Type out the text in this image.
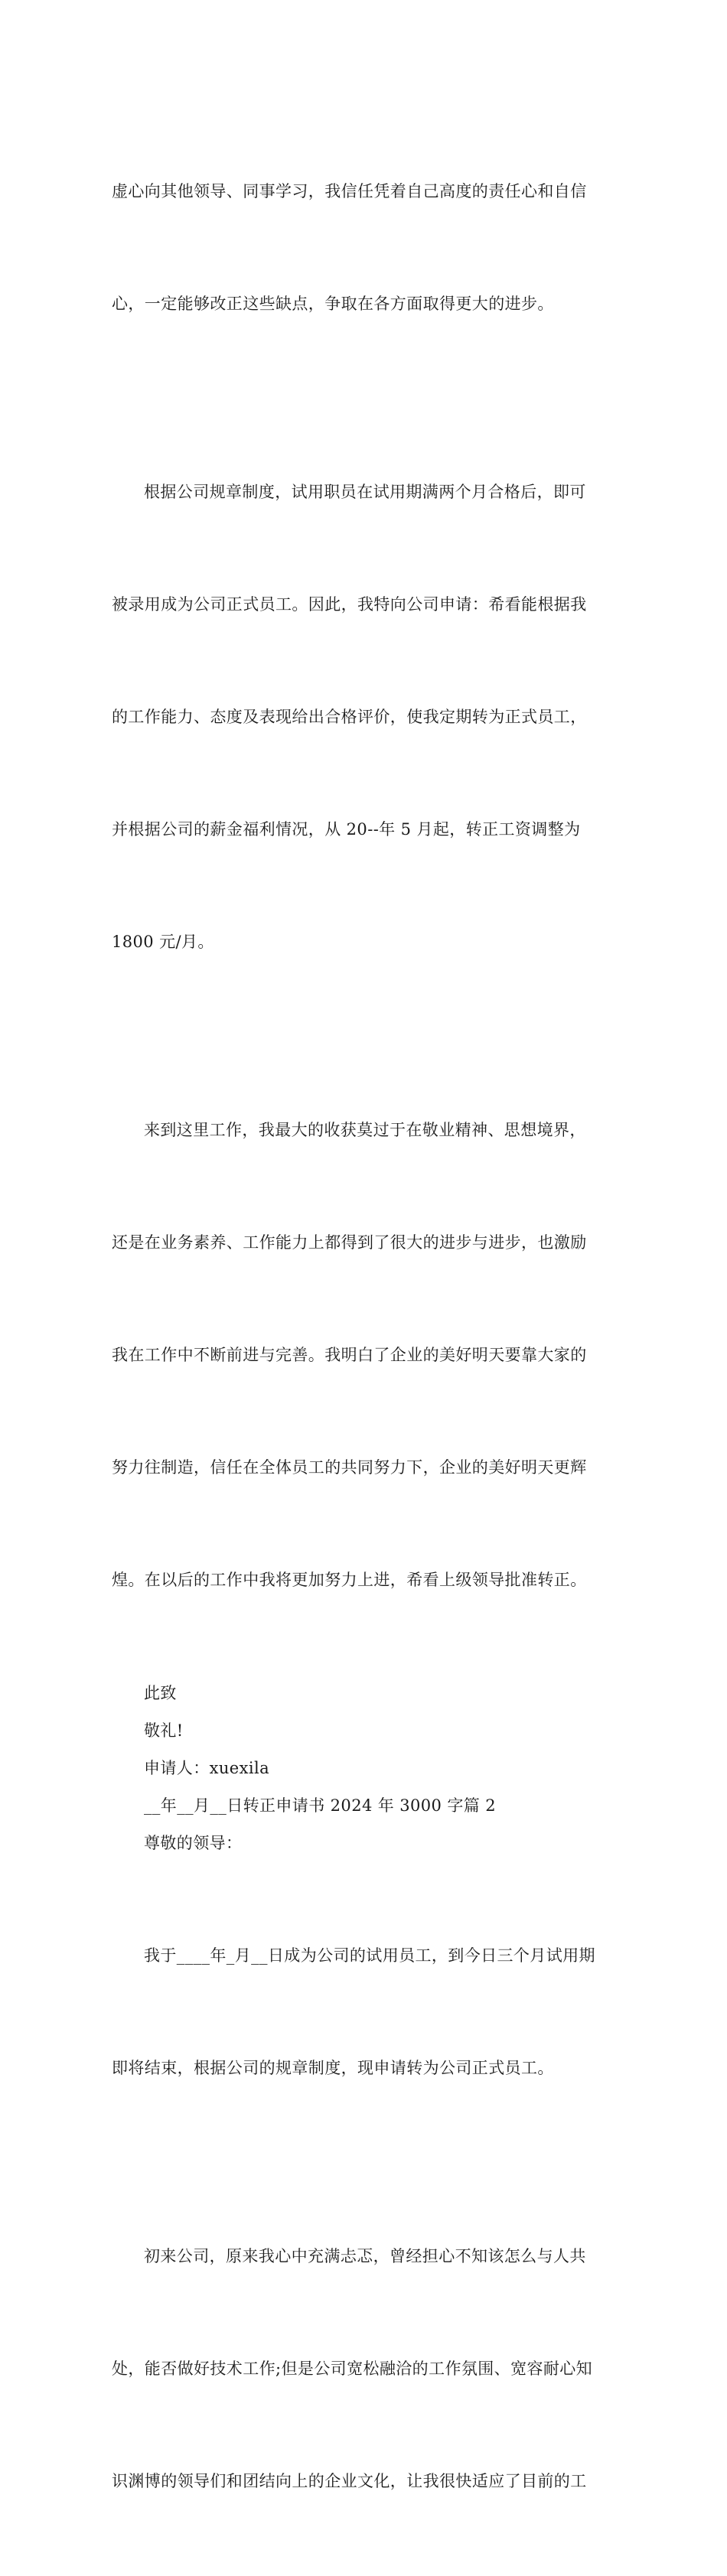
虚心向其他领导、同事学习，我信任凭着自己高度的责任心和自信

心，一定能够改正这些缺点，争取在各方面取得更大的进步。

根据公司规章制度，试用职员在试用期满两个月合格后，即可

被录用成为公司正式员工。因此，我特向公司申请：希看能根据我

的工作能力、态度及表现给出合格评价，使我定期转为正式员工，

并根据公司的薪金福利情况，从 20--年 5 月起，转正工资调整为

1800 元/月。

来到这里工作，我最大的收获莫过于在敬业精神、思想境界，

还是在业务素养、工作能力上都得到了很大的进步与进步，也激励

我在工作中不断前进与完善。我明白了企业的美好明天要靠大家的

努力往制造，信任在全体员工的共同努力下，企业的美好明天更辉

煌。在以后的工作中我将更加努力上进，希看上级领导批准转正。

此致
敬礼!
申请人：xuexila
__年__月__日转正申请书 2024 年 3000 字篇 2
尊敬的领导：

我于____年_月__日成为公司的试用员工，到今日三个月试用期

即将结束，根据公司的规章制度，现申请转为公司正式员工。

初来公司，原来我心中充满忐忑，曾经担心不知该怎么与人共

处，能否做好技术工作;但是公司宽松融洽的工作氛围、宽容耐心知

识渊博的领导们和团结向上的企业文化，让我很快适应了目前的工
